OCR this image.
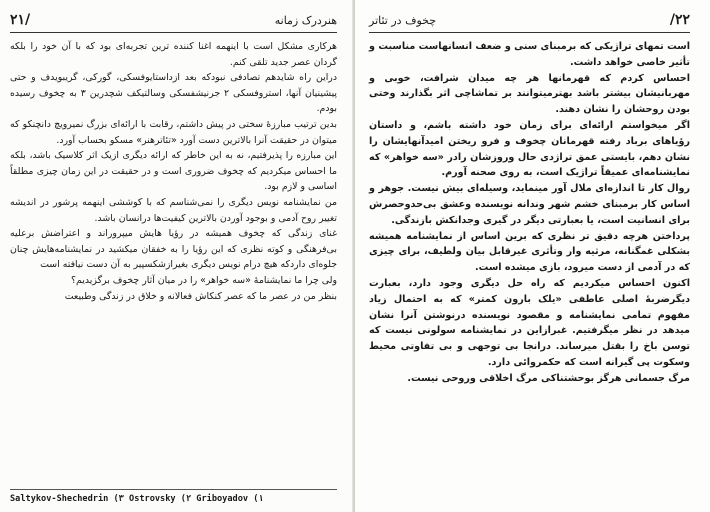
٢١/	هنردرک زمانه

هرکاری مشکل است با اینهمه اغنا کننده ترین تجربه‌ای بود که با آن خود را بلکه گردان عصر جدید تلقی کنم.

دراین راه شایدهم تصادفی نبودکه بعد ازداستایوفسکی، گورکی، گریبویدف و حتی پیشینیان آنها، استروفسکی ۲ جرنیشفسکی وسالتیکف شچدرین ۳ به چخوف رسیده بودم.

بدین ترتیب مبارزهٔ سختی در پیش داشتم، رقابت با ارائه‌ای بزرگ نمیرویچ دانچنکو که میتوان در حقیقت آنرا بالاترین دست آورد «تئاترهنر» مسکو بحساب آورد.

این مبارزه را پذیرفتیم، نه به این خاطر که ارائه دیگری ازیک اثر کلاسیک باشد، بلکه ما احساس میکردیم که چخوف ضروری است و در حقیقت در این زمان چیزی مطلقاً اساسی و لازم بود.

من نمایشنامه نویس دیگری را نمی‌شناسم که با کوششی اینهمه پرشور در اندیشه تغییر روح آدمی و بوجود آوردن بالاترین کیفیت‌ها درانسان باشد.

غنای زندگی که چخوف همیشه در رؤیا هایش میپروراند و اعتراضش برعلیه بی‌فرهنگی و کوته نظری که این رؤیا را به خفقان میکشید در نمایشنامه‌هایش چنان جلوه‌ای داردکه هیچ درام نویس دیگری بغیرازشکسپیر به آن دست نیافته است

ولی چرا ما نمایشنامهٔ «سه خواهر» را در میان آثار چخوف برگزیدیم؟

بنظر من در عصر ما که عصر کنکاش فعالانه و خلاق در زندگی وطبیعت

Saltykov-Shechedrin (٣ Ostrovsky (٢ Griboyadov (١
چخوف در تئاتر	/٢٢

است تمهای تراژیکی که برمبنای سنی و ضعف انسانهاست مناسبت و تأثیر خاصی خواهد داشت.

احساس کردم که قهرمانها هر چه میدان شرافت، خوبی و مهربانیشان بیشتر باشد بهترمیتوانند بر تماشاچی اثر بگذارند وختی بودن روحشان را نشان دهند.

اگر میخواستم ارائه‌ای برای زمان خود داشته باشم، و داستان رؤیاهای برباد رفته قهرمانان چخوف و فرو ریختن امیدآنهایشان را نشان دهم، بایستی عمق تراژدی حال وروزشان رادر «سه خواهر» که نمایشنامه‌ای عمیقاً تراژیک است، به روی صحنه آورم.

روال کار تا اندازه‌ای ملال آور مینماید، وسیله‌ای بیش نیست. جوهر و اساس کار برمبنای خشم شهر وندانه نویسنده وعشق بی‌حدوحصرش برای انسانیت است، یا بعبارتی دیگر در گیری وجدانکش بازندگی.

پرداختن هرچه دقیق تر نظری که برین اساس از نمایشنامه همیشه بشکلی غمگنانه، مرثیه وار وتأثری غیرقابل بیان ولطیف، برای چیزی که در آدمی از دست میرود، بازی میشده است.

اکنون احساس میکردیم که راه حل دیگری وجود دارد، بعبارت دیگرضربهٔ اصلی عاطفی «یلک بارون کمتر» که به احتمال زیاد مفهوم تمامی نمایشنامه و مقصود نویسنده درنوشتن آنرا نشان میدهد در نظر میگرفتیم. غبرازاین در نمایشنامه سولونی نیست که توسن باخ را بقتل میرساند. درانجا بی توجهی و بی تفاوتی محیط وسکوت پی گیرانه است که حکمروائی دارد.

مرگ جسمانی هرگز بوحشتناکی مرگ اخلاقی وروحی نیست.
